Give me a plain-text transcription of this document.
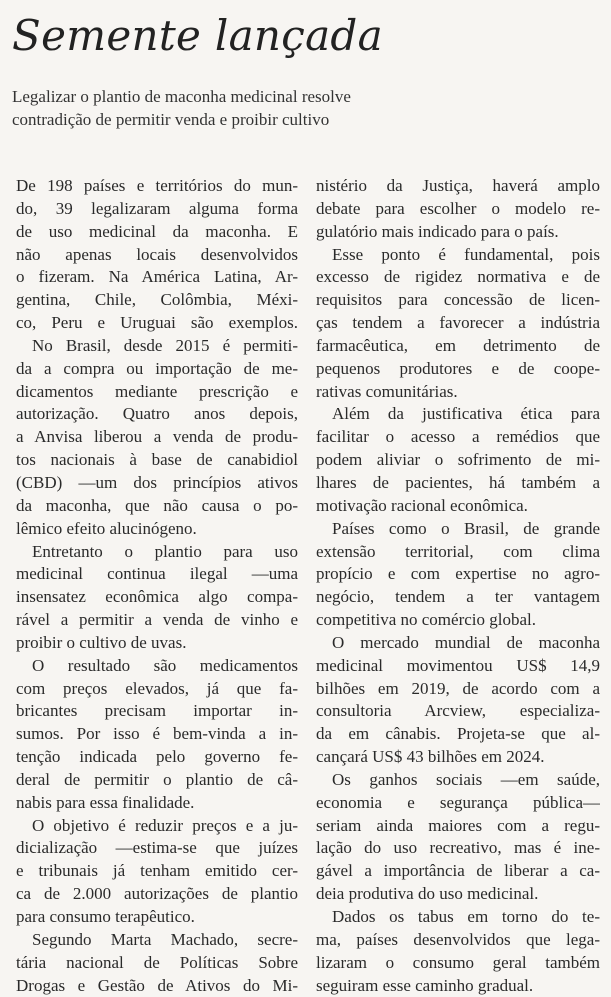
Semente lançada
Legalizar o plantio de maconha medicinal resolve
contradição de permitir venda e proibir cultivo
De 198 países e territórios do mun-
do, 39 legalizaram alguma forma
de uso medicinal da maconha. E
não apenas locais desenvolvidos
o fizeram. Na América Latina, Ar-
gentina, Chile, Colômbia, Méxi-
co, Peru e Uruguai são exemplos.
No Brasil, desde 2015 é permiti-
da a compra ou importação de me-
dicamentos mediante prescrição e
autorização. Quatro anos depois,
a Anvisa liberou a venda de produ-
tos nacionais à base de canabidiol
(CBD) —um dos princípios ativos
da maconha, que não causa o po-
lêmico efeito alucinógeno.
Entretanto o plantio para uso
medicinal continua ilegal —uma
insensatez econômica algo compa-
rável a permitir a venda de vinho e
proibir o cultivo de uvas.
O resultado são medicamentos
com preços elevados, já que fa-
bricantes precisam importar in-
sumos. Por isso é bem-vinda a in-
tenção indicada pelo governo fe-
deral de permitir o plantio de câ-
nabis para essa finalidade.
O objetivo é reduzir preços e a ju-
dicialização —estima-se que juízes
e tribunais já tenham emitido cer-
ca de 2.000 autorizações de plantio
para consumo terapêutico.
Segundo Marta Machado, secre-
tária nacional de Políticas Sobre
Drogas e Gestão de Ativos do Mi-
nistério da Justiça, haverá amplo
debate para escolher o modelo re-
gulatório mais indicado para o país.
Esse ponto é fundamental, pois
excesso de rigidez normativa e de
requisitos para concessão de licen-
ças tendem a favorecer a indústria
farmacêutica, em detrimento de
pequenos produtores e de coope-
rativas comunitárias.
Além da justificativa ética para
facilitar o acesso a remédios que
podem aliviar o sofrimento de mi-
lhares de pacientes, há também a
motivação racional econômica.
Países como o Brasil, de grande
extensão territorial, com clima
propício e com expertise no agro-
negócio, tendem a ter vantagem
competitiva no comércio global.
O mercado mundial de maconha
medicinal movimentou US$ 14,9
bilhões em 2019, de acordo com a
consultoria Arcview, especializa-
da em cânabis. Projeta-se que al-
cançará US$ 43 bilhões em 2024.
Os ganhos sociais —em saúde,
economia e segurança pública—
seriam ainda maiores com a regu-
lação do uso recreativo, mas é ine-
gável a importância de liberar a ca-
deia produtiva do uso medicinal.
Dados os tabus em torno do te-
ma, países desenvolvidos que lega-
lizaram o consumo geral também
seguiram esse caminho gradual.
